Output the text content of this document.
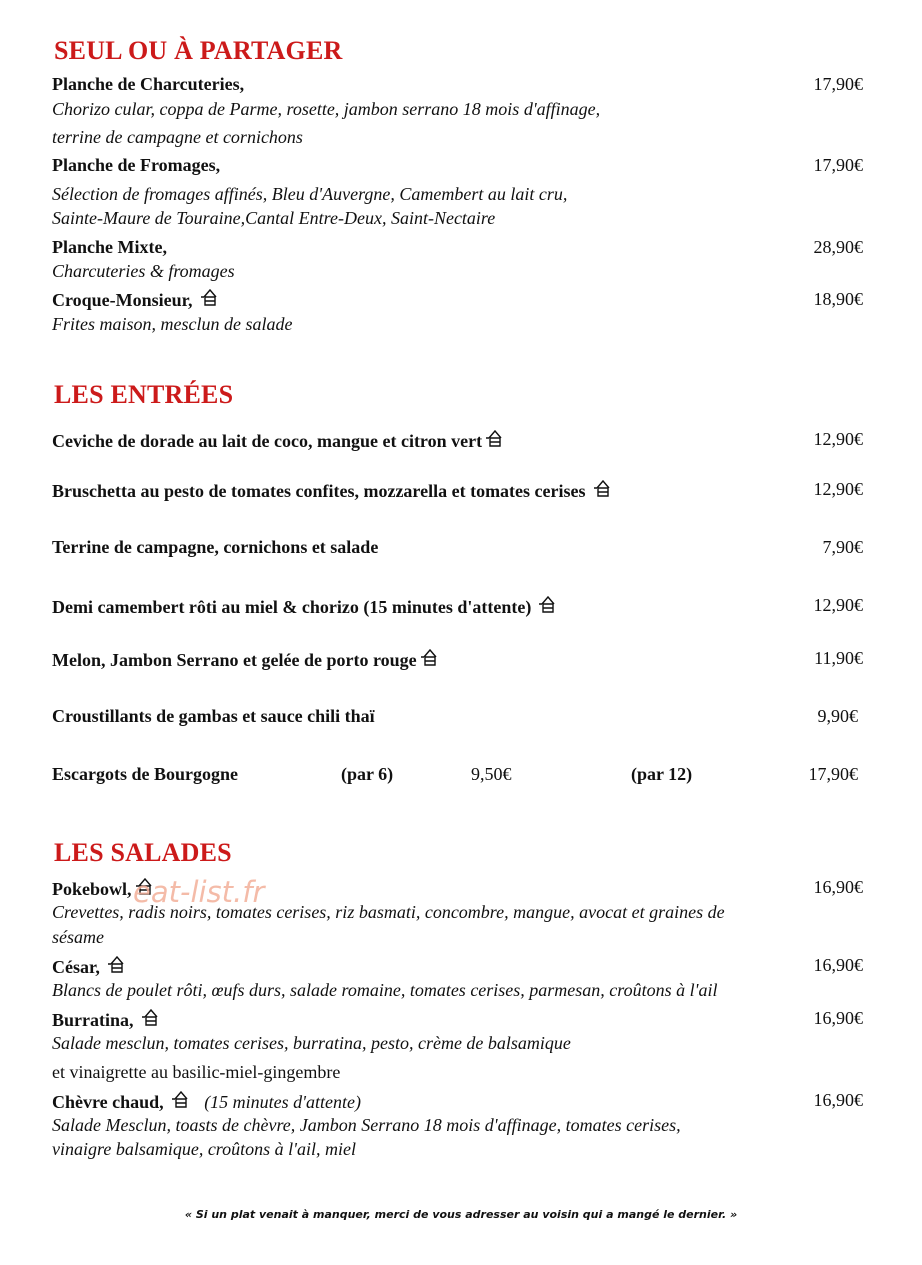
SEUL OU À PARTAGER
Planche de Charcuteries,	17,90€
Chorizo cular, coppa de Parme, rosette, jambon serrano 18 mois d'affinage,
terrine de campagne et cornichons
Planche de Fromages,	17,90€
Sélection de fromages affinés, Bleu d'Auvergne, Camembert au lait cru,
Sainte-Maure de Touraine,Cantal Entre-Deux, Saint-Nectaire
Planche Mixte,	28,90€
Charcuteries & fromages
Croque-Monsieur,	18,90€
Frites maison, mesclun de salade
LES ENTRÉES
Ceviche de dorade au lait de coco, mangue et citron vert	12,90€
Bruschetta au pesto de tomates confites, mozzarella et tomates cerises	12,90€
Terrine de campagne, cornichons et salade	7,90€
Demi camembert rôti au miel & chorizo (15 minutes d'attente)	12,90€
Melon, Jambon Serrano et gelée de porto rouge	11,90€
Croustillants de gambas et sauce chili thaï	9,90€
Escargots de Bourgogne	(par 6)	9,50€	(par 12)	17,90€
LES SALADES
Pokebowl,	16,90€
Crevettes, radis noirs, tomates cerises, riz basmati, concombre, mangue, avocat et graines de
sésame
César,	16,90€
Blancs de poulet rôti, œufs durs, salade romaine, tomates cerises, parmesan, croûtons à l'ail
Burratina,	16,90€
Salade mesclun, tomates cerises, burratina, pesto, crème de balsamique
et vinaigrette au basilic-miel-gingembre
Chèvre chaud, (15 minutes d'attente)	16,90€
Salade Mesclun, toasts de chèvre, Jambon Serrano 18 mois d'affinage, tomates cerises,
vinaigre balsamique, croûtons à l'ail, miel
eat-list.fr
« Si un plat venait à manquer, merci de vous adresser au voisin qui a mangé le dernier. »
